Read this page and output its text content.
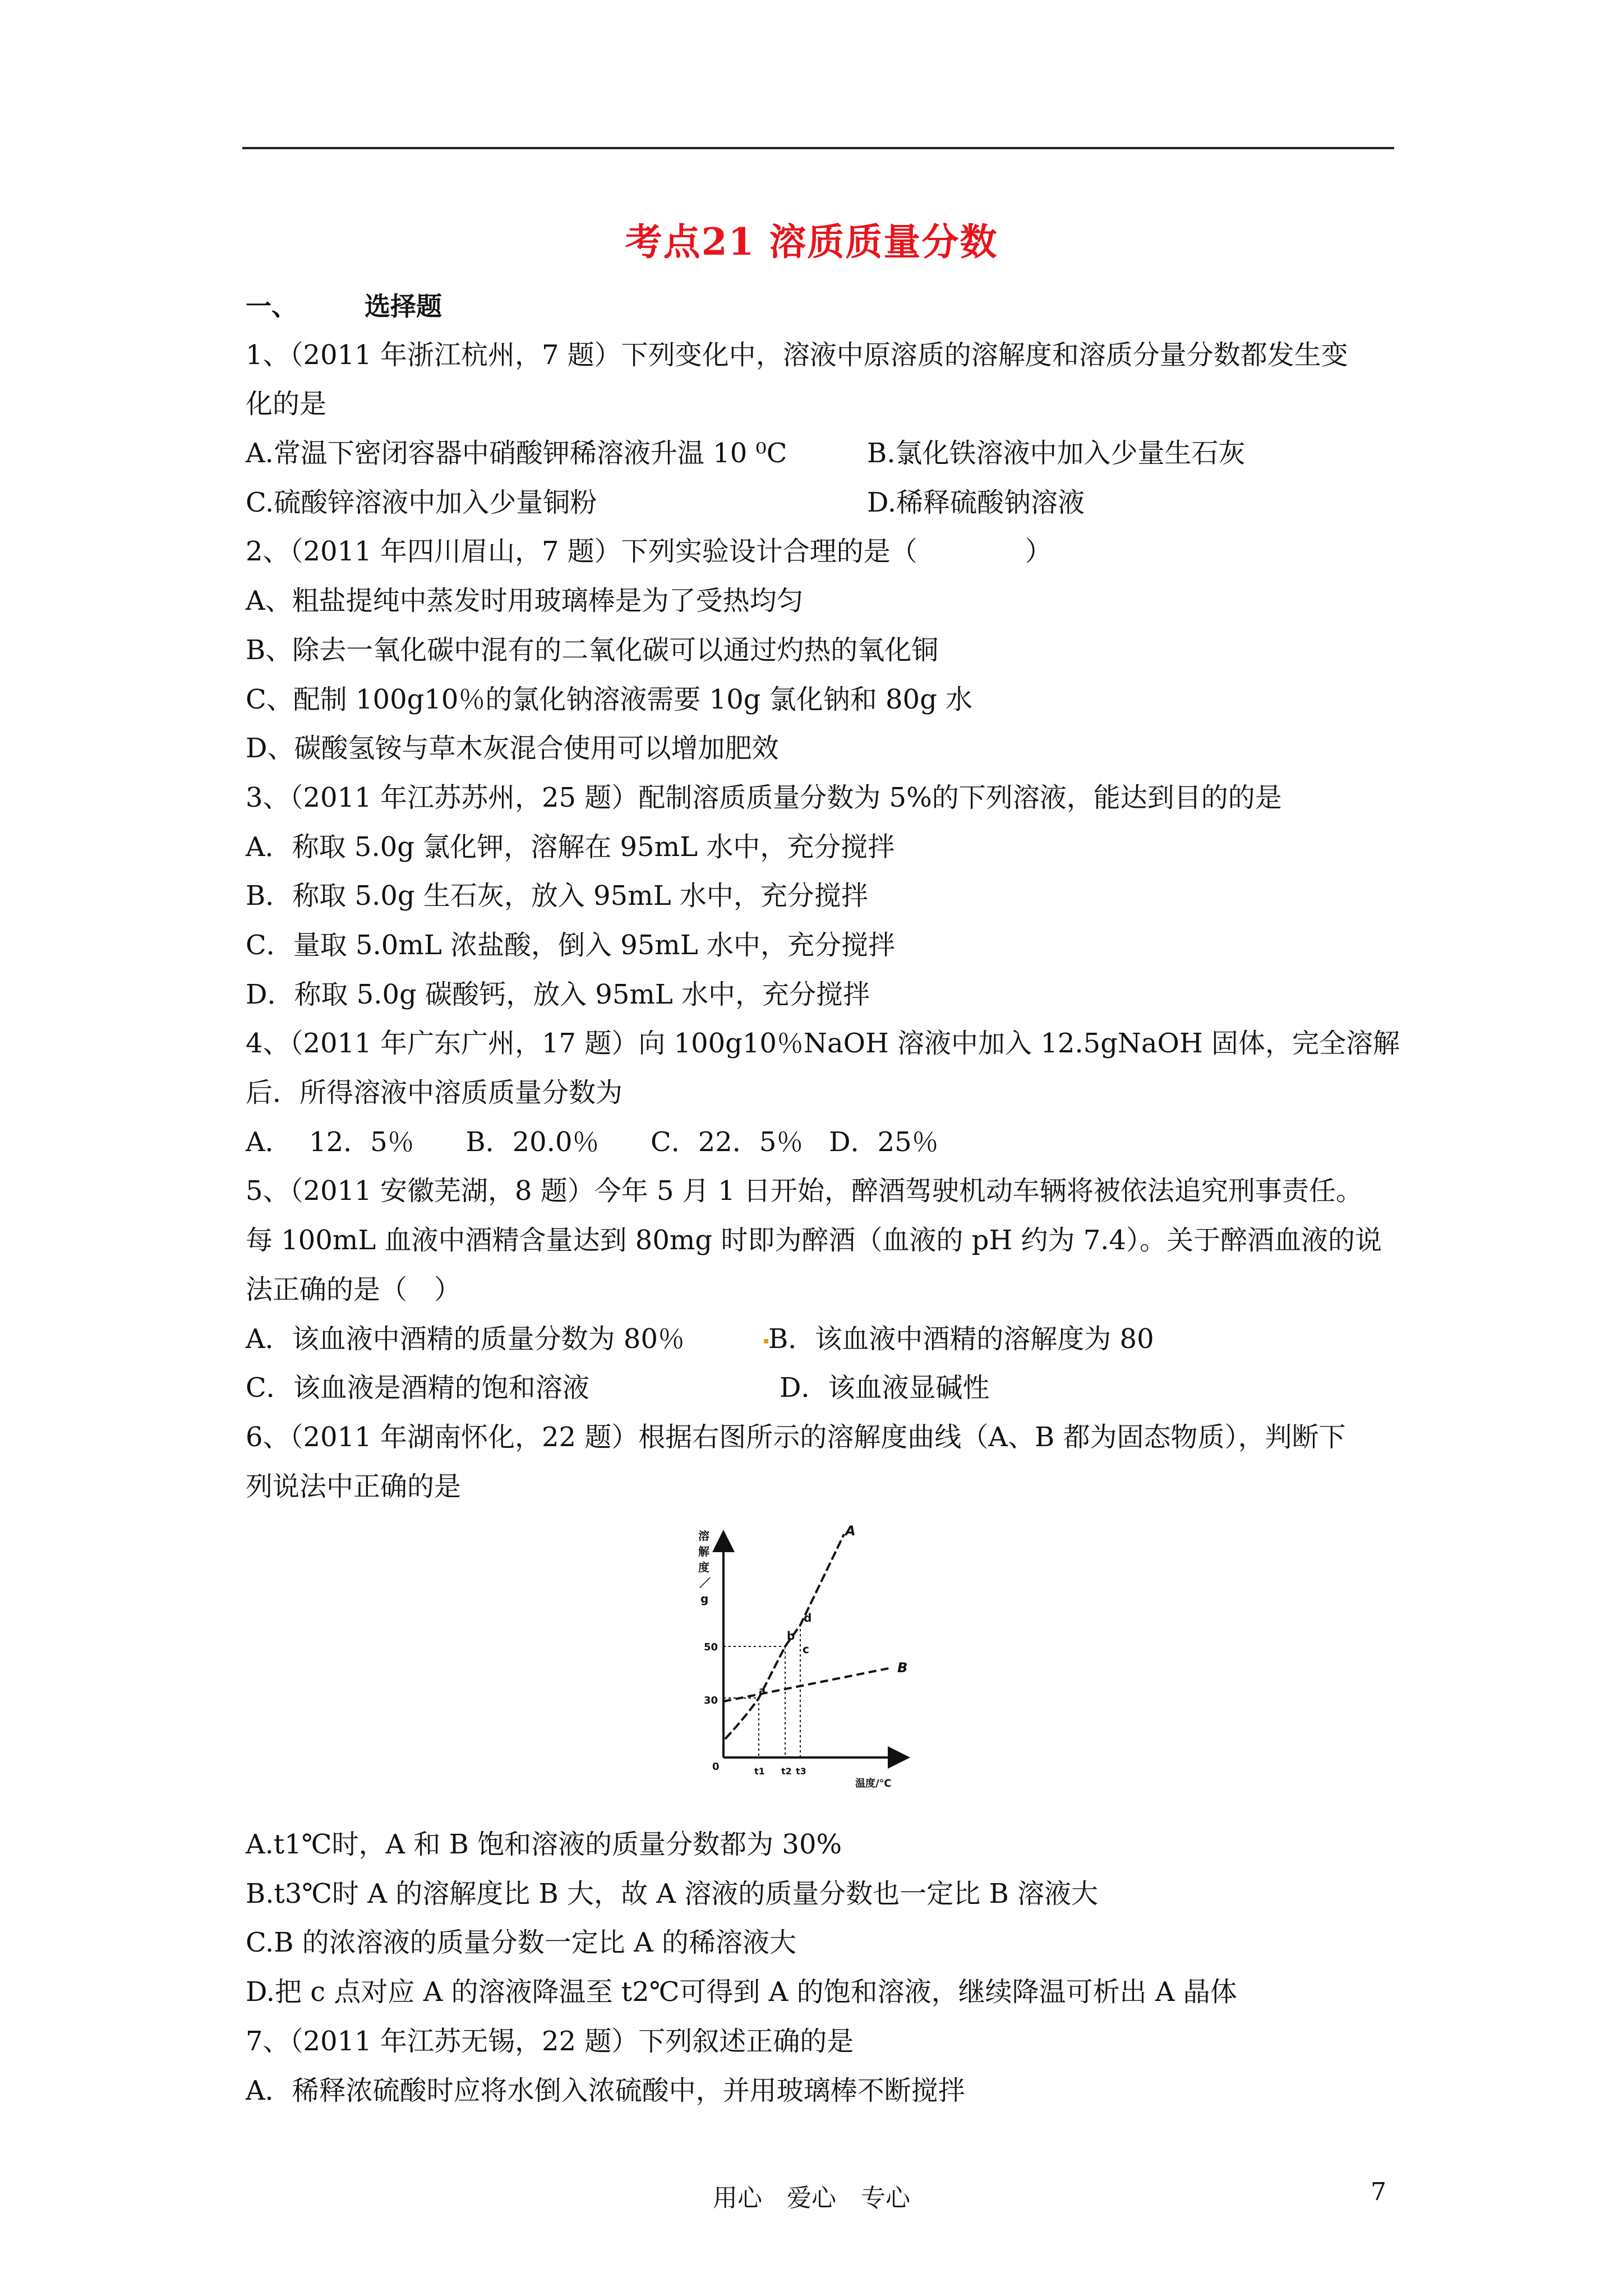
考点21 溶质质量分数
一、	选择题
1、（2011 年浙江杭州，7 题）下列变化中，溶液中原溶质的溶解度和溶质分量分数都发生变
化的是
A.常温下密闭容器中硝酸钾稀溶液升温 10 ⁰C	B.氯化铁溶液中加入少量生石灰
C.硫酸锌溶液中加入少量铜粉	D.稀释硫酸钠溶液
2、（2011 年四川眉山，7 题）下列实验设计合理的是（　　　　）
A、粗盐提纯中蒸发时用玻璃棒是为了受热均匀
B、除去一氧化碳中混有的二氧化碳可以通过灼热的氧化铜
C、配制 100g10％的氯化钠溶液需要 10g 氯化钠和 80g 水
D、碳酸氢铵与草木灰混合使用可以增加肥效
3、（2011 年江苏苏州，25 题）配制溶质质量分数为 5%的下列溶液，能达到目的的是
A．称取 5.0g 氯化钾，溶解在 95mL 水中，充分搅拌
B．称取 5.0g 生石灰，放入 95mL 水中，充分搅拌
C．量取 5.0mL 浓盐酸，倒入 95mL 水中，充分搅拌
D．称取 5.0g 碳酸钙，放入 95mL 水中，充分搅拌
4、（2011 年广东广州，17 题）向 100g10％NaOH 溶液中加入 12.5gNaOH 固体，完全溶解
后．所得溶液中溶质质量分数为
A．  12．5％      B．20.0％      C．22．5％   D．25％
5、（2011 安徽芜湖，8 题）今年 5 月 1 日开始，醉酒驾驶机动车辆将被依法追究刑事责任。
每 100mL 血液中酒精含量达到 80mg 时即为醉酒（血液的 pH 约为 7.4）。关于醉酒血液的说
法正确的是（　）
A．该血液中酒精的质量分数为 80％	B．该血液中酒精的溶解度为 80
C．该血液是酒精的饱和溶液	D．该血液显碱性
6、（2011 年湖南怀化，22 题）根据右图所示的溶解度曲线（A、B 都为固态物质），判断下
列说法中正确的是
溶
解
度
／
g
50
30
0	t1 t2 t3
温度/℃
A
B
a
b
c
d
A.t1℃时，A 和 B 饱和溶液的质量分数都为 30%
B.t3℃时 A 的溶解度比 B 大，故 A 溶液的质量分数也一定比 B 溶液大
C.B 的浓溶液的质量分数一定比 A 的稀溶液大
D.把 c 点对应 A 的溶液降温至 t2℃可得到 A 的饱和溶液，继续降温可析出 A 晶体
7、（2011 年江苏无锡，22 题）下列叙述正确的是
A．稀释浓硫酸时应将水倒入浓硫酸中，并用玻璃棒不断搅拌
用心　爱心　专心	7
